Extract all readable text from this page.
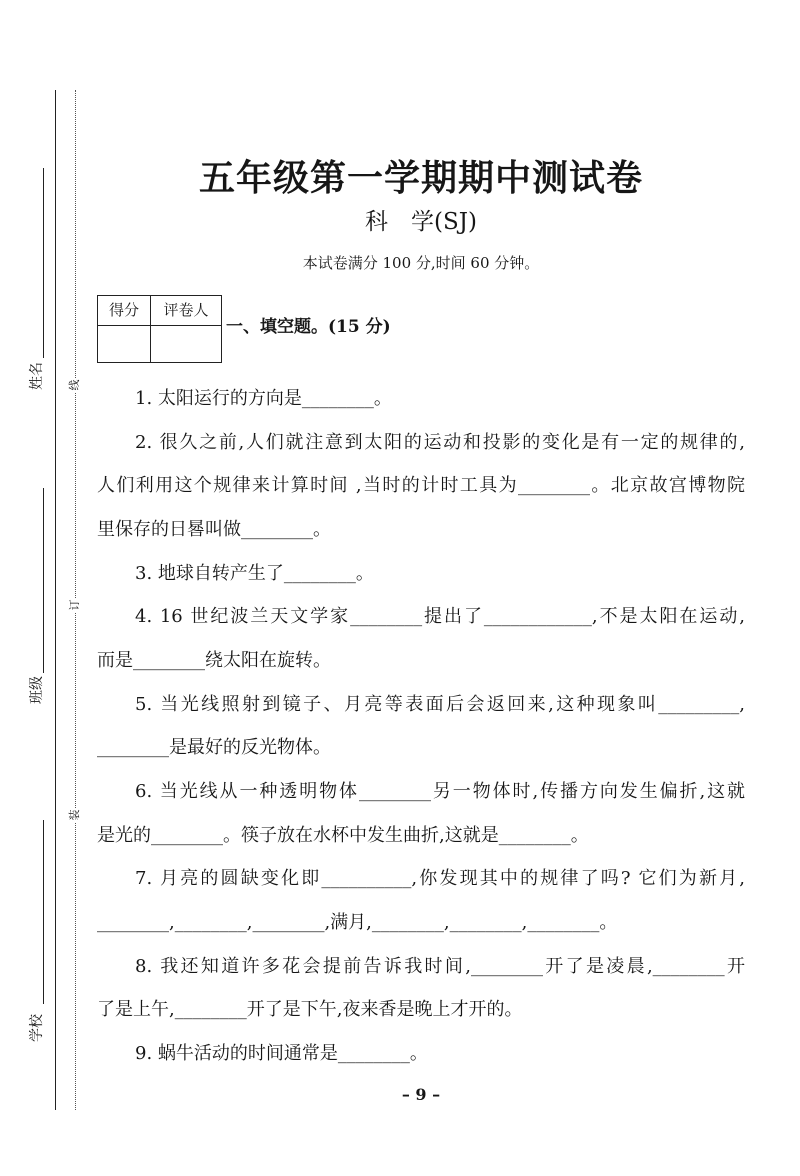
姓名
班级
学校
线
订
装
五年级第一学期期中测试卷
科　学(SJ)
本试卷满分 100 分,时间 60 分钟。
得分	评卷人
一、填空题。(15 分)
1. 太阳运行的方向是________。
2. 很久之前,人们就注意到太阳的运动和投影的变化是有一定的规律的,
人们利用这个规律来计算时间 ,当时的计时工具为________。北京故宫博物院
里保存的日晷叫做________。
3. 地球自转产生了________。
4. 16 世纪波兰天文学家________提出了____________,不是太阳在运动,
而是________绕太阳在旋转。
5. 当光线照射到镜子、月亮等表面后会返回来,这种现象叫_________,
________是最好的反光物体。
6. 当光线从一种透明物体________另一物体时,传播方向发生偏折,这就
是光的________。筷子放在水杯中发生曲折,这就是________。
7. 月亮的圆缺变化即__________,你发现其中的规律了吗? 它们为新月,
________,________,________,满月,________,________,________。
8. 我还知道许多花会提前告诉我时间,________开了是凌晨,________开
了是上午,________开了是下午,夜来香是晚上才开的。
9. 蜗牛活动的时间通常是________。
– 9 –
